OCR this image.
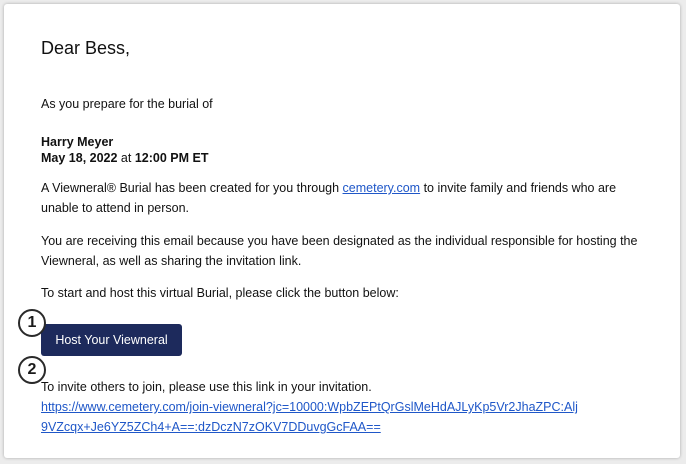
Dear Bess,

As you prepare for the burial of

Harry Meyer
May 18, 2022 at 12:00 PM ET

A Viewneral® Burial has been created for you through cemetery.com to invite family and friends who are unable to attend in person.

You are receiving this email because you have been designated as the individual responsible for hosting the Viewneral, as well as sharing the invitation link.

To start and host this virtual Burial, please click the button below:

Host Your Viewneral

To invite others to join, please use this link in your invitation.
https://www.cemetery.com/join-viewneral?jc=10000:WpbZEPtQrGslMeHdAJLyKp5Vr2JhaZPC:Alj9VZcqx+Je6YZ5ZCh4+A==:dzDczN7zOKV7DDuvgGcFAA==

1
2
